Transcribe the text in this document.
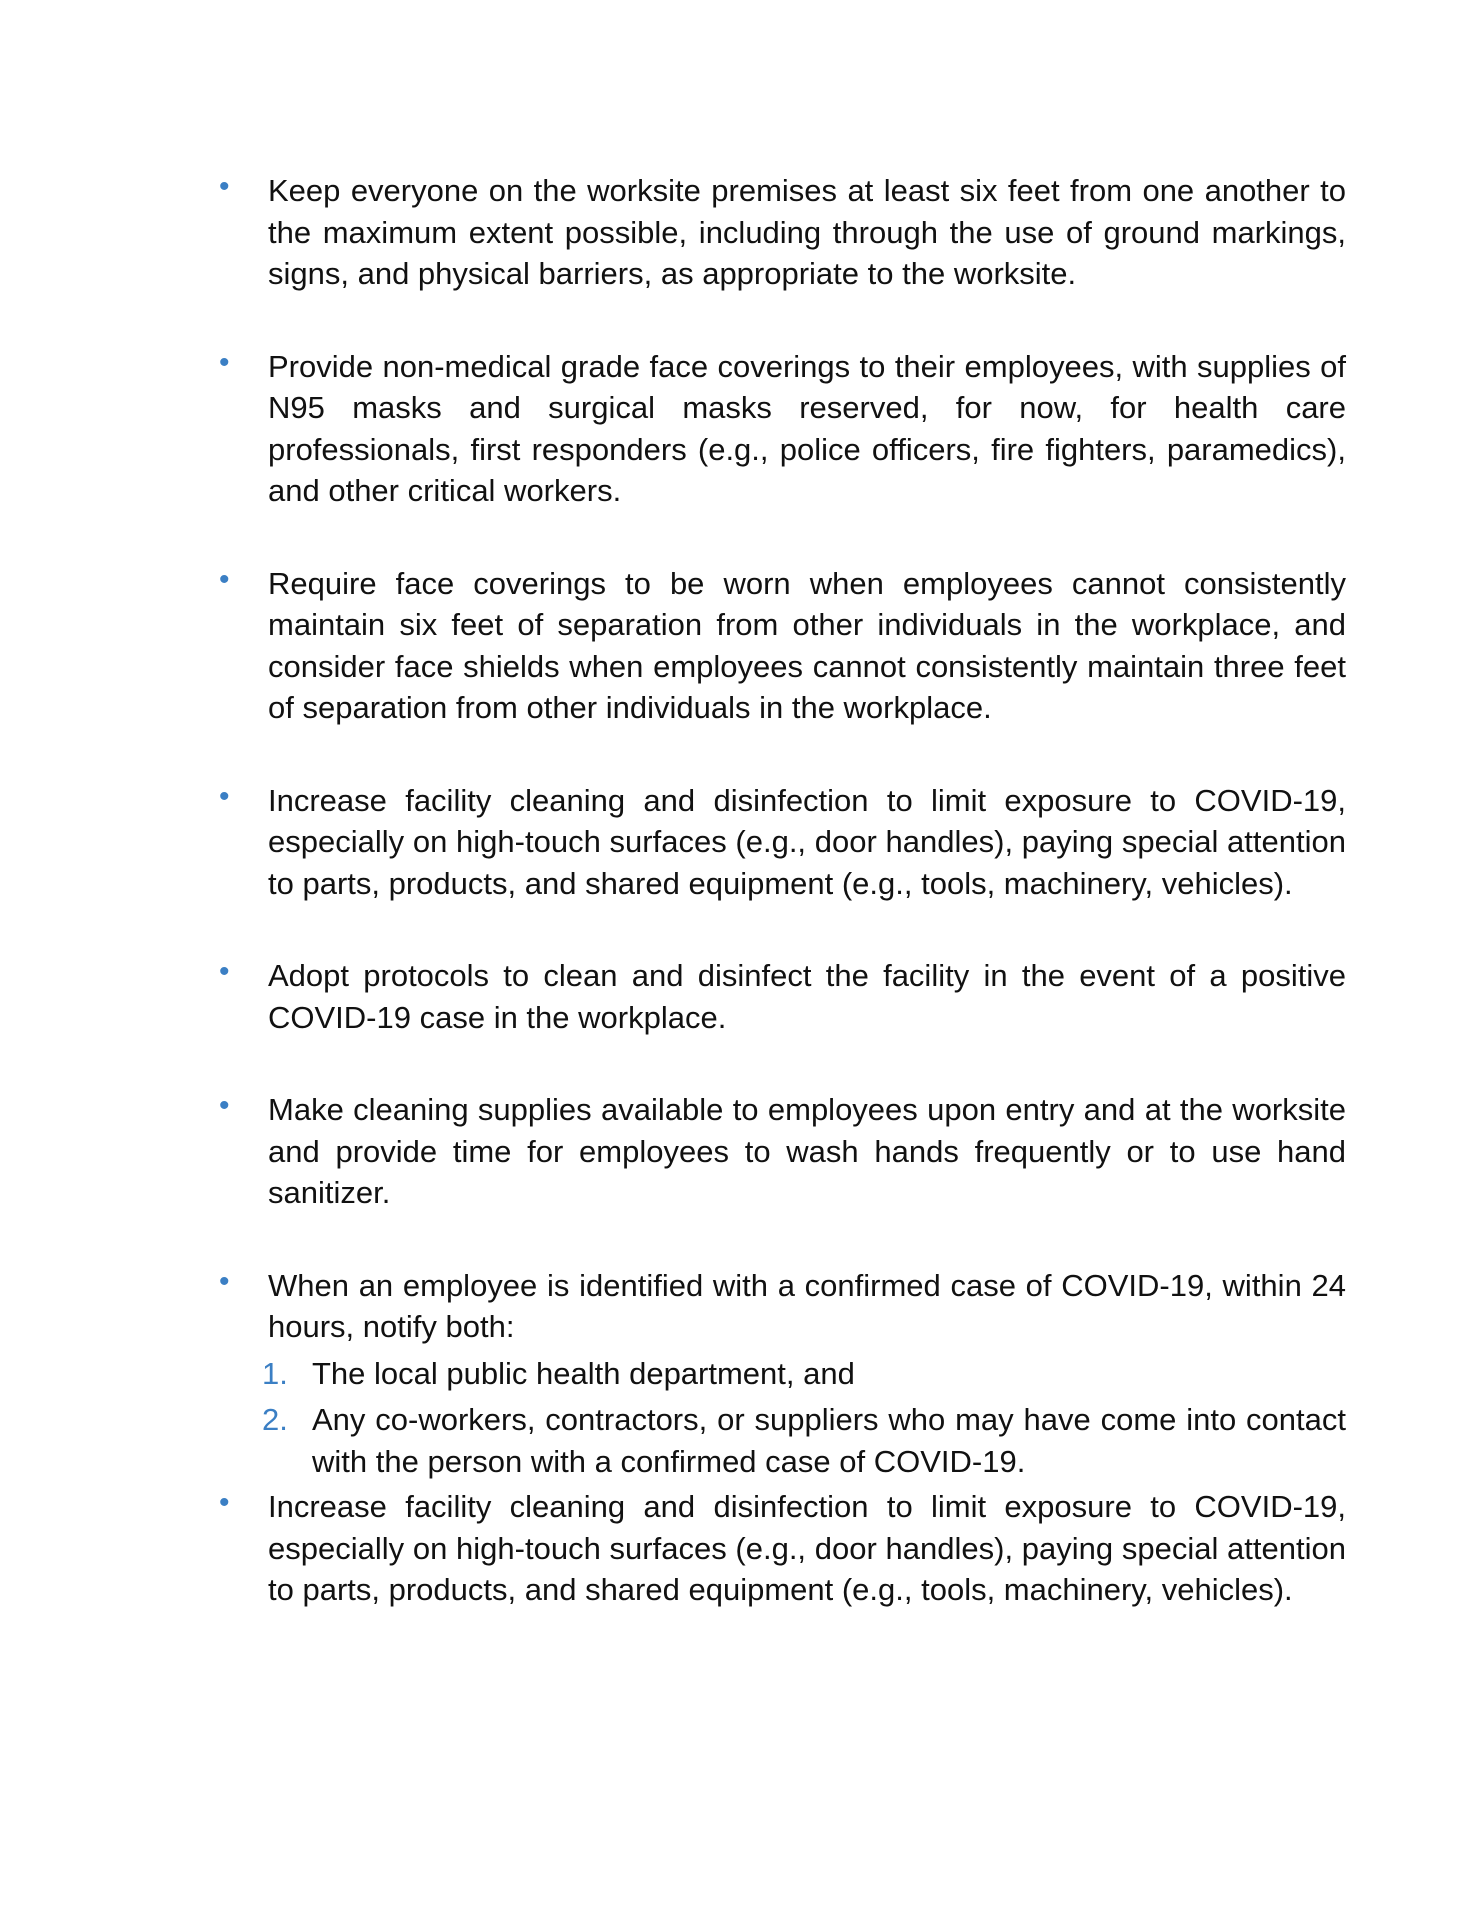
• Keep everyone on the worksite premises at least six feet from one another to the maximum extent possible, including through the use of ground markings, signs, and physical barriers, as appropriate to the worksite.
• Provide non-medical grade face coverings to their employees, with supplies of N95 masks and surgical masks reserved, for now, for health care professionals, first responders (e.g., police officers, fire fighters, paramedics), and other critical workers.
• Require face coverings to be worn when employees cannot consistently maintain six feet of separation from other individuals in the workplace, and consider face shields when employees cannot consistently maintain three feet of separation from other individuals in the workplace.
• Increase facility cleaning and disinfection to limit exposure to COVID-19, especially on high-touch surfaces (e.g., door handles), paying special attention to parts, products, and shared equipment (e.g., tools, machinery, vehicles).
• Adopt protocols to clean and disinfect the facility in the event of a positive COVID-19 case in the workplace.
• Make cleaning supplies available to employees upon entry and at the worksite and provide time for employees to wash hands frequently or to use hand sanitizer.
• When an employee is identified with a confirmed case of COVID-19, within 24 hours, notify both:
1. The local public health department, and
2. Any co-workers, contractors, or suppliers who may have come into contact with the person with a confirmed case of COVID-19.
• Increase facility cleaning and disinfection to limit exposure to COVID-19, especially on high-touch surfaces (e.g., door handles), paying special attention to parts, products, and shared equipment (e.g., tools, machinery, vehicles).
